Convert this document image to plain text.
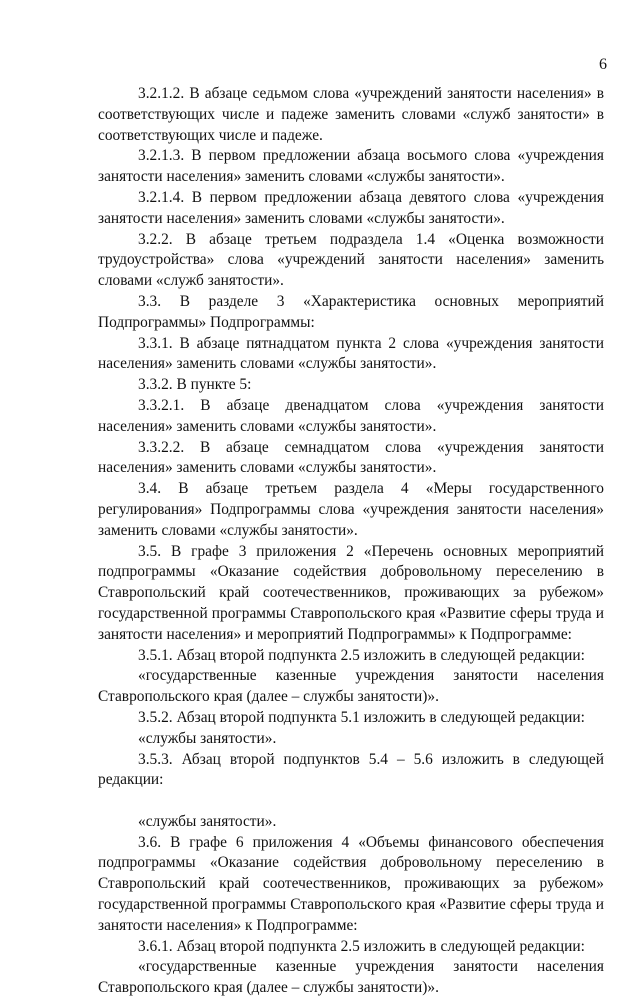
6

3.2.1.2. В абзаце седьмом слова «учреждений занятости населения» в соответствующих числе и падеже заменить словами «служб занятости» в соответствующих числе и падеже.

3.2.1.3. В первом предложении абзаца восьмого слова «учреждения занятости населения» заменить словами «службы занятости».

3.2.1.4. В первом предложении абзаца девятого слова «учреждения занятости населения» заменить словами «службы занятости».

3.2.2. В абзаце третьем подраздела 1.4 «Оценка возможности трудоустройства» слова «учреждений занятости населения» заменить словами «служб занятости».

3.3. В разделе 3 «Характеристика основных мероприятий Подпрограммы» Подпрограммы:

3.3.1. В абзаце пятнадцатом пункта 2 слова «учреждения занятости населения» заменить словами «службы занятости».

3.3.2. В пункте 5:

3.3.2.1. В абзаце двенадцатом слова «учреждения занятости населения» заменить словами «службы занятости».

3.3.2.2. В абзаце семнадцатом слова «учреждения занятости населения» заменить словами «службы занятости».

3.4. В абзаце третьем раздела 4 «Меры государственного регулирования» Подпрограммы слова «учреждения занятости населения» заменить словами «службы занятости».

3.5. В графе 3 приложения 2 «Перечень основных мероприятий подпрограммы «Оказание содействия добровольному переселению в Ставропольский край соотечественников, проживающих за рубежом» государственной программы Ставропольского края «Развитие сферы труда и занятости населения» и мероприятий Подпрограммы» к Подпрограмме:

3.5.1. Абзац второй подпункта 2.5 изложить в следующей редакции:

«государственные казенные учреждения занятости населения Ставропольского края (далее – службы занятости)».

3.5.2. Абзац второй подпункта 5.1 изложить в следующей редакции:

«службы занятости».

3.5.3. Абзац второй подпунктов 5.4 – 5.6 изложить в следующей редакции:

«службы занятости».

3.6. В графе 6 приложения 4 «Объемы финансового обеспечения подпрограммы «Оказание содействия добровольному переселению в Ставропольский край соотечественников, проживающих за рубежом» государственной программы Ставропольского края «Развитие сферы труда и занятости населения» к Подпрограмме:

3.6.1. Абзац второй подпункта 2.5 изложить в следующей редакции:

«государственные казенные учреждения занятости населения Ставропольского края (далее – службы занятости)».
